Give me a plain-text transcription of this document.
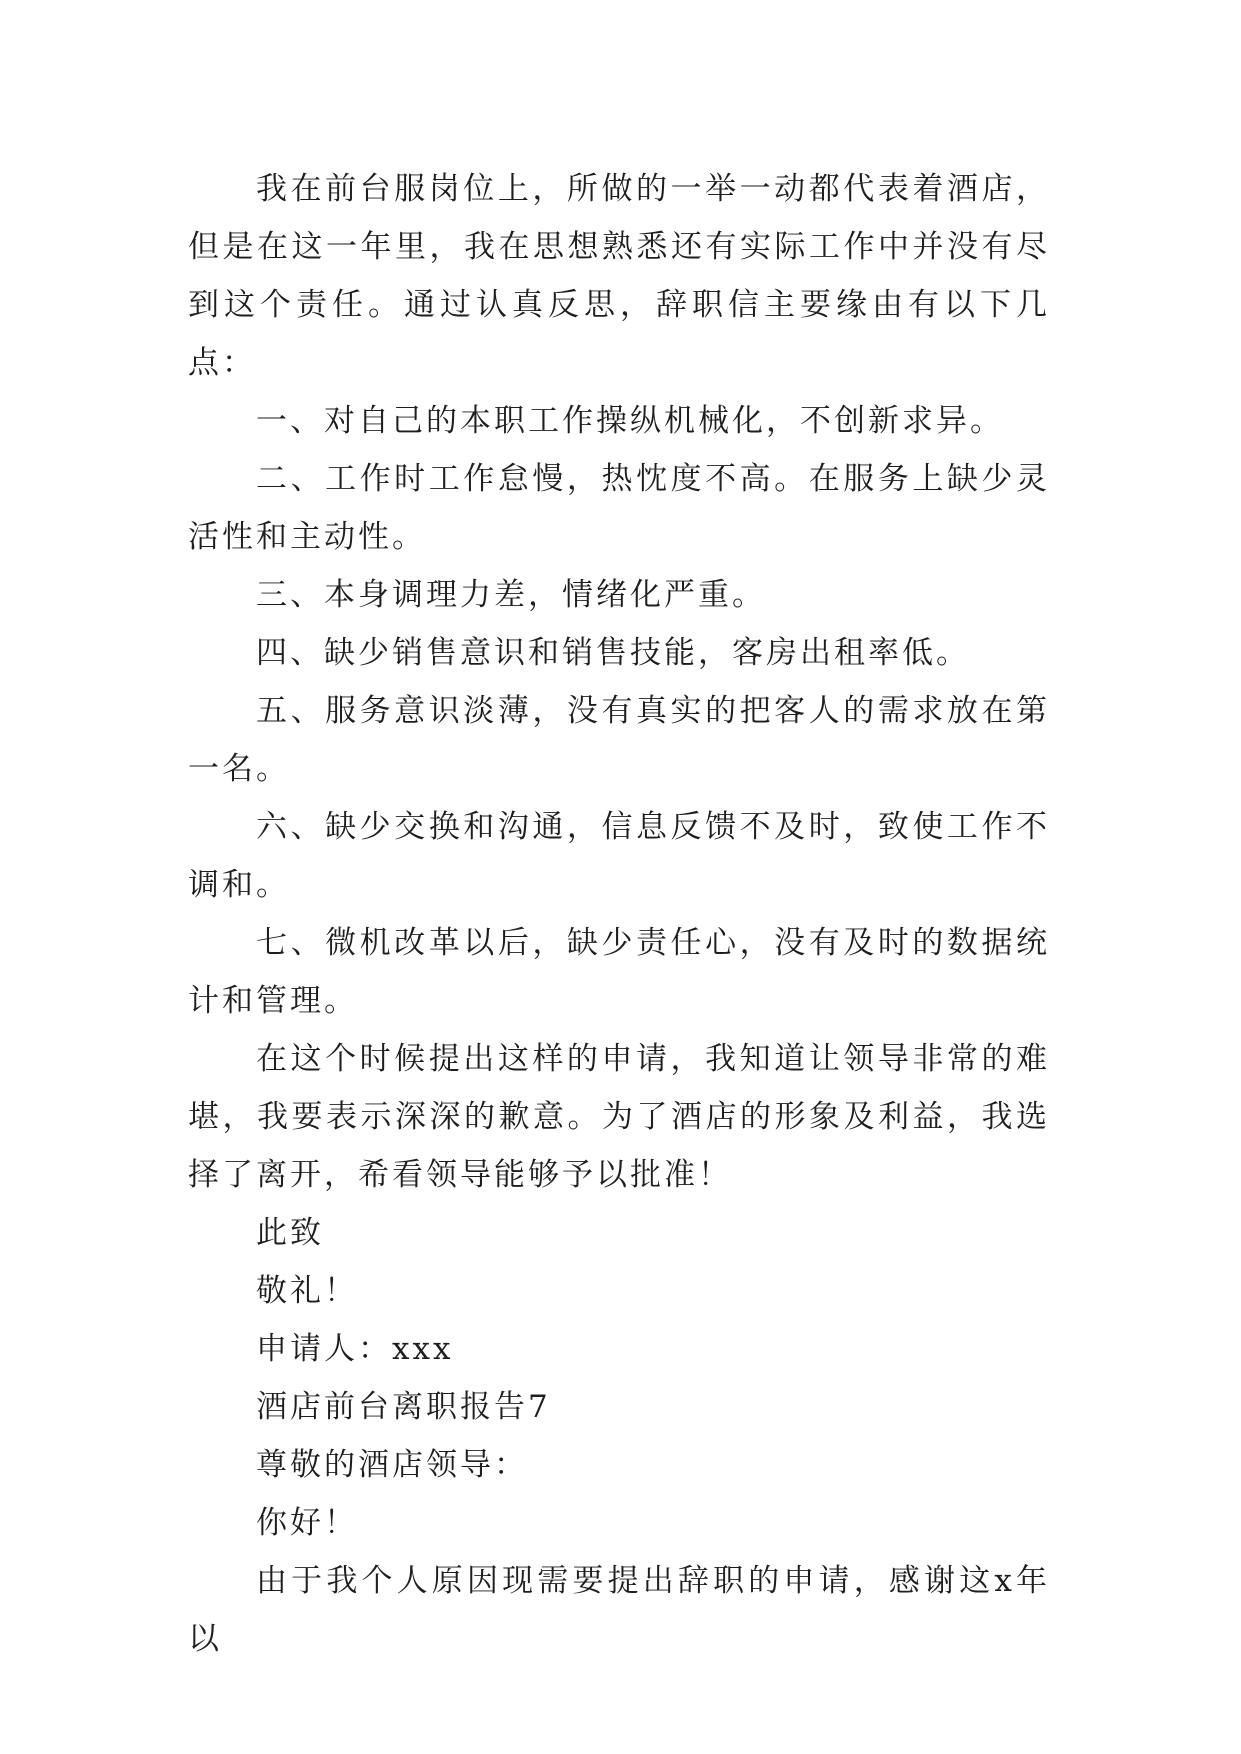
我在前台服岗位上，所做的一举一动都代表着酒店，但是在这一年里，我在思想熟悉还有实际工作中并没有尽到这个责任。通过认真反思，辞职信主要缘由有以下几点：

一、对自己的本职工作操纵机械化，不创新求异。

二、工作时工作怠慢，热忱度不高。在服务上缺少灵活性和主动性。

三、本身调理力差，情绪化严重。

四、缺少销售意识和销售技能，客房出租率低。

五、服务意识淡薄，没有真实的把客人的需求放在第一名。

六、缺少交换和沟通，信息反馈不及时，致使工作不调和。

七、微机改革以后，缺少责任心，没有及时的数据统计和管理。

在这个时候提出这样的申请，我知道让领导非常的难堪，我要表示深深的歉意。为了酒店的形象及利益，我选择了离开，希看领导能够予以批准！

此致

敬礼！

申请人：xxx

酒店前台离职报告7

尊敬的酒店领导：

你好！

由于我个人原因现需要提出辞职的申请，感谢这x年以
